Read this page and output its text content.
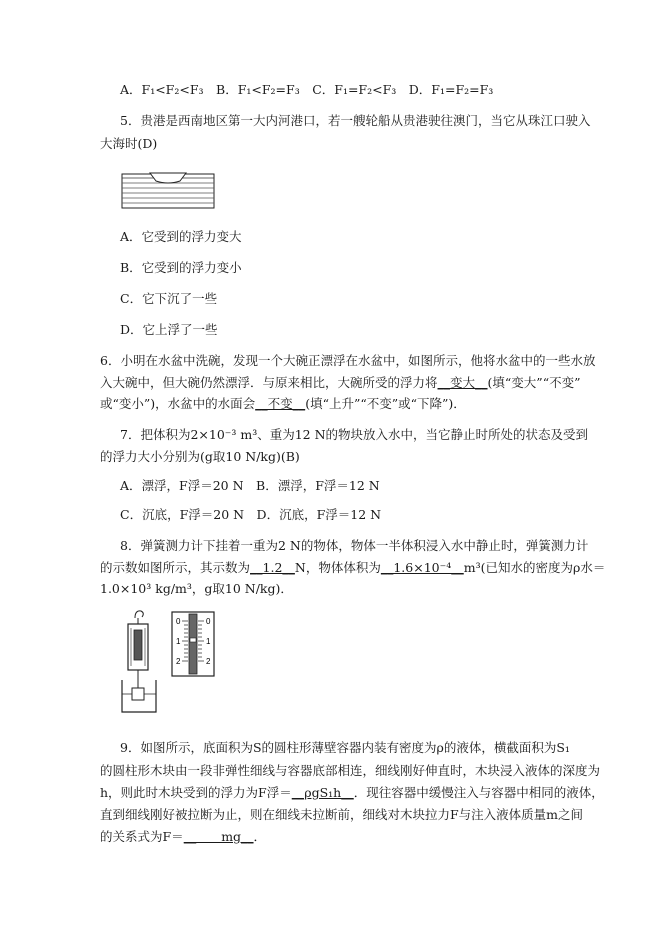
A．F₁<F₂<F₃　B．F₁<F₂=F₃　C．F₁=F₂<F₃　D．F₁=F₂=F₃
5．贵港是西南地区第一大内河港口，若一艘轮船从贵港驶往澳门，当它从珠江口驶入
大海时(D)
A．它受到的浮力变大
B．它受到的浮力变小
C．它下沉了一些
D．它上浮了一些
6．小明在水盆中洗碗，发现一个大碗正漂浮在水盆中，如图所示，他将水盆中的一些水放
入大碗中，但大碗仍然漂浮．与原来相比，大碗所受的浮力将__变大__(填“变大”“不变”
或“变小”)，水盆中的水面会__不变__(填“上升”“不变”或“下降”)．
7．把体积为2×10⁻³ m³、重为12 N的物块放入水中，当它静止时所处的状态及受到
的浮力大小分别为(g取10 N/kg)(B)
A．漂浮，F浮＝20 N　B．漂浮，F浮＝12 N
C．沉底，F浮＝20 N　D．沉底，F浮＝12 N
8．弹簧测力计下挂着一重为2 N的物体，物体一半体积浸入水中静止时，弹簧测力计
的示数如图所示，其示数为__1.2__N，物体体积为__1.6×10⁻⁴__m³(已知水的密度为ρ水＝
1.0×10³ kg/m³，g取10 N/kg)．
0
1
2
0
1
2
9．如图所示，底面积为S的圆柱形薄壁容器内装有密度为ρ的液体，横截面积为S₁
的圆柱形木块由一段非弹性细线与容器底部相连，细线刚好伸直时，木块浸入液体的深度为
h，则此时木块受到的浮力为F浮＝__ρgS₁h__．现往容器中缓慢注入与容器中相同的液体，
直到细线刚好被拉断为止，则在细线未拉断前，细线对木块拉力F与注入液体质量m之间
的关系式为F＝__　　mg__．
